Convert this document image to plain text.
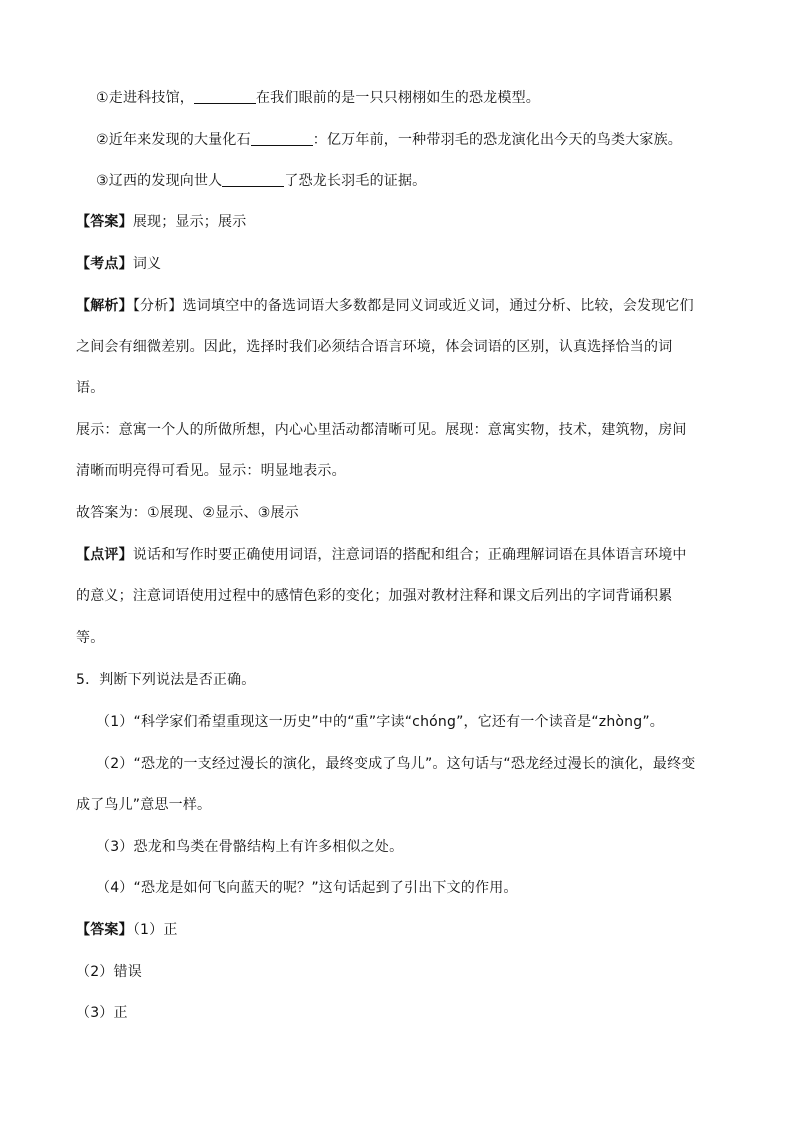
①走进科技馆，	在我们眼前的是一只只栩栩如生的恐龙模型。
②近年来发现的大量化石	：亿万年前，一种带羽毛的恐龙演化出今天的鸟类大家族。
③辽西的发现向世人	了恐龙长羽毛的证据。
【答案】展现；显示；展示
【考点】词义
【解析】【分析】选词填空中的备选词语大多数都是同义词或近义词，通过分析、比较，会发现它们
之间会有细微差别。因此，选择时我们必须结合语言环境，体会词语的区别，认真选择恰当的词
语。
展示：意寓一个人的所做所想，内心心里活动都清晰可见。展现：意寓实物，技术，建筑物，房间
清晰而明亮得可看见。显示：明显地表示。
故答案为：①展现、②显示、③展示
【点评】说话和写作时要正确使用词语，注意词语的搭配和组合；正确理解词语在具体语言环境中
的意义；注意词语使用过程中的感情色彩的变化；加强对教材注释和课文后列出的字词背诵积累
等。
5．判断下列说法是否正确。
（1）“科学家们希望重现这一历史”中的“重”字读“chóng”，它还有一个读音是“zhòng”。
（2）“恐龙的一支经过漫长的演化，最终变成了鸟儿”。这句话与“恐龙经过漫长的演化，最终变
成了鸟儿”意思一样。
（3）恐龙和鸟类在骨骼结构上有许多相似之处。
（4）“恐龙是如何飞向蓝天的呢？”这句话起到了引出下文的作用。
【答案】（1）正
（2）错误
（3）正
